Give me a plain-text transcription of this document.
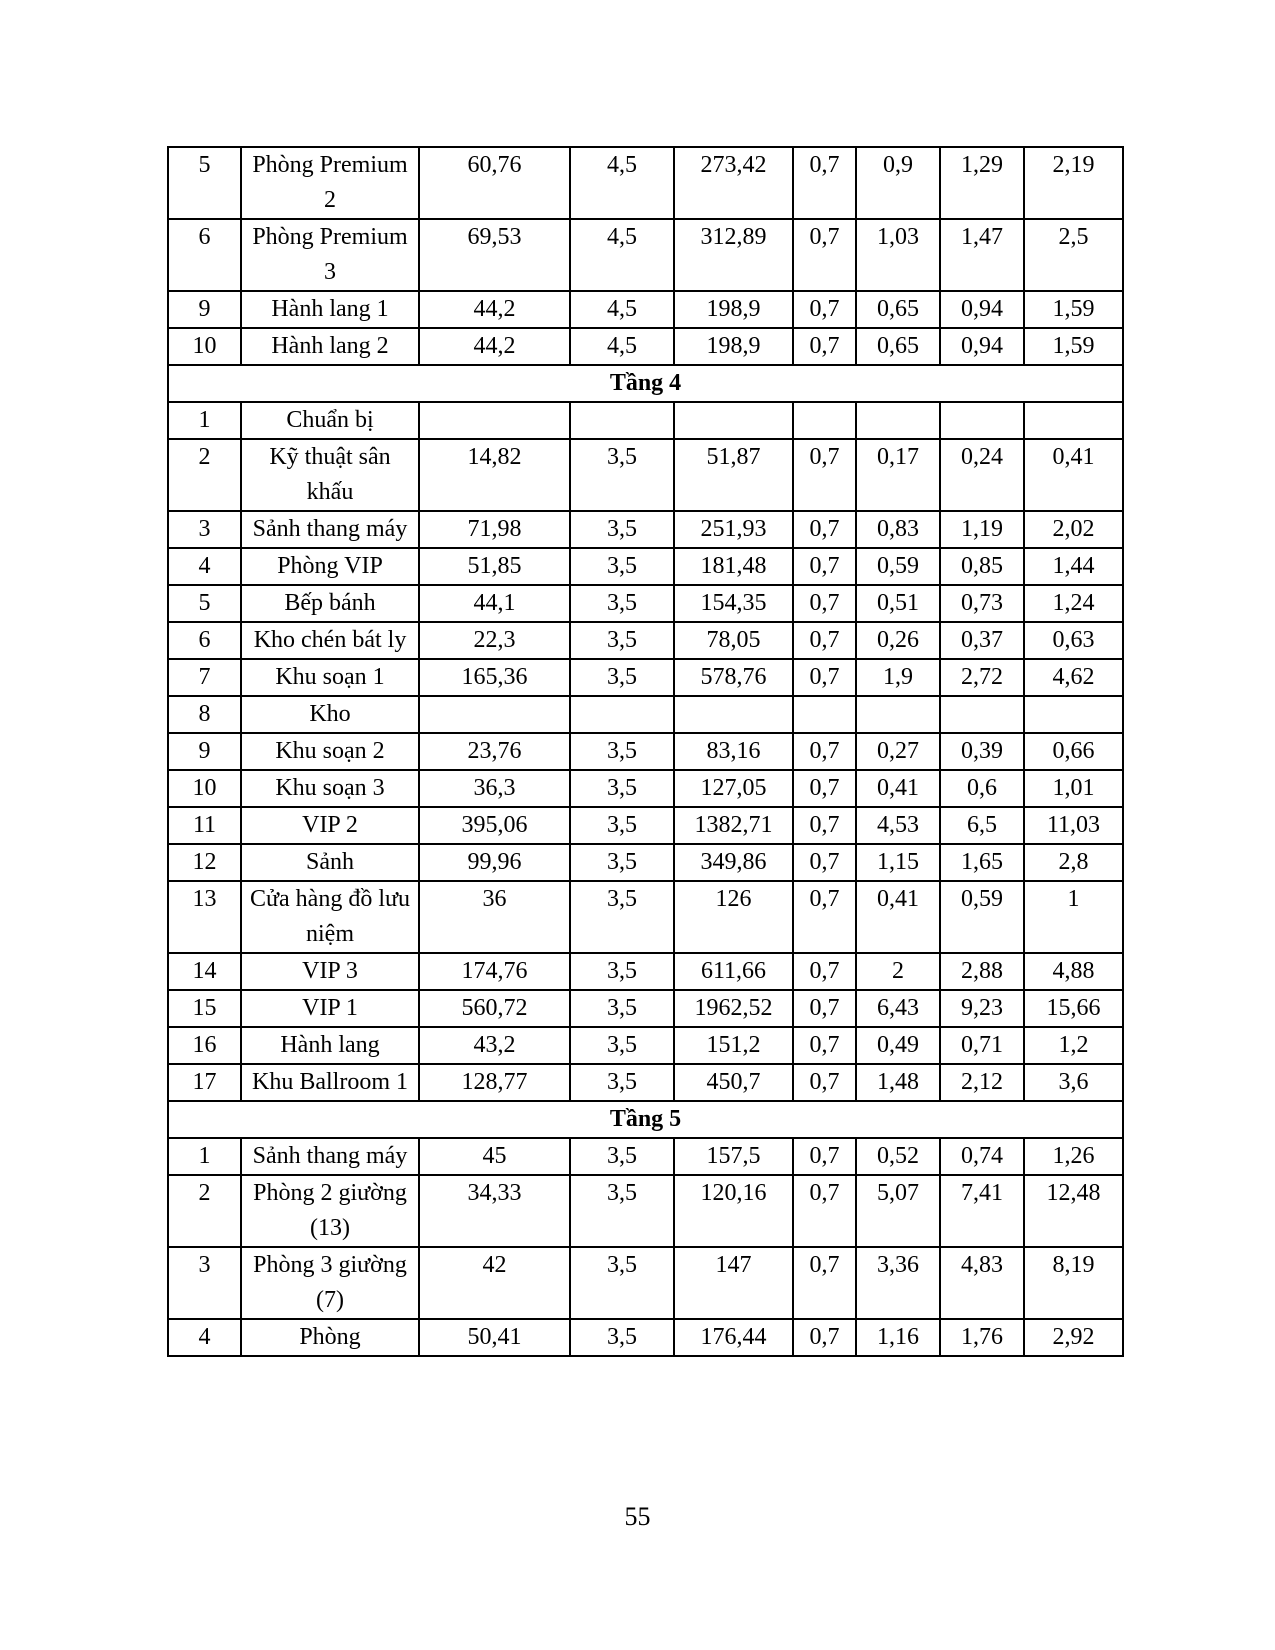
5	Phòng Premium 2	60,76	4,5	273,42	0,7	0,9	1,29	2,19
6	Phòng Premium 3	69,53	4,5	312,89	0,7	1,03	1,47	2,5
9	Hành lang 1	44,2	4,5	198,9	0,7	0,65	0,94	1,59
10	Hành lang 2	44,2	4,5	198,9	0,7	0,65	0,94	1,59
Tầng 4								
1	Chuẩn bị							
2	Kỹ thuật sân khấu	14,82	3,5	51,87	0,7	0,17	0,24	0,41
3	Sảnh thang máy	71,98	3,5	251,93	0,7	0,83	1,19	2,02
4	Phòng VIP	51,85	3,5	181,48	0,7	0,59	0,85	1,44
5	Bếp bánh	44,1	3,5	154,35	0,7	0,51	0,73	1,24
6	Kho chén bát ly	22,3	3,5	78,05	0,7	0,26	0,37	0,63
7	Khu soạn 1	165,36	3,5	578,76	0,7	1,9	2,72	4,62
8	Kho							
9	Khu soạn 2	23,76	3,5	83,16	0,7	0,27	0,39	0,66
10	Khu soạn 3	36,3	3,5	127,05	0,7	0,41	0,6	1,01
11	VIP 2	395,06	3,5	1382,71	0,7	4,53	6,5	11,03
12	Sảnh	99,96	3,5	349,86	0,7	1,15	1,65	2,8
13	Cửa hàng đồ lưu niệm	36	3,5	126	0,7	0,41	0,59	1
14	VIP 3	174,76	3,5	611,66	0,7	2	2,88	4,88
15	VIP 1	560,72	3,5	1962,52	0,7	6,43	9,23	15,66
16	Hành lang	43,2	3,5	151,2	0,7	0,49	0,71	1,2
17	Khu Ballroom 1	128,77	3,5	450,7	0,7	1,48	2,12	3,6
Tầng 5								
1	Sảnh thang máy	45	3,5	157,5	0,7	0,52	0,74	1,26
2	Phòng 2 giường (13)	34,33	3,5	120,16	0,7	5,07	7,41	12,48
3	Phòng 3 giường (7)	42	3,5	147	0,7	3,36	4,83	8,19
4	Phòng	50,41	3,5	176,44	0,7	1,16	1,76	2,92
55
